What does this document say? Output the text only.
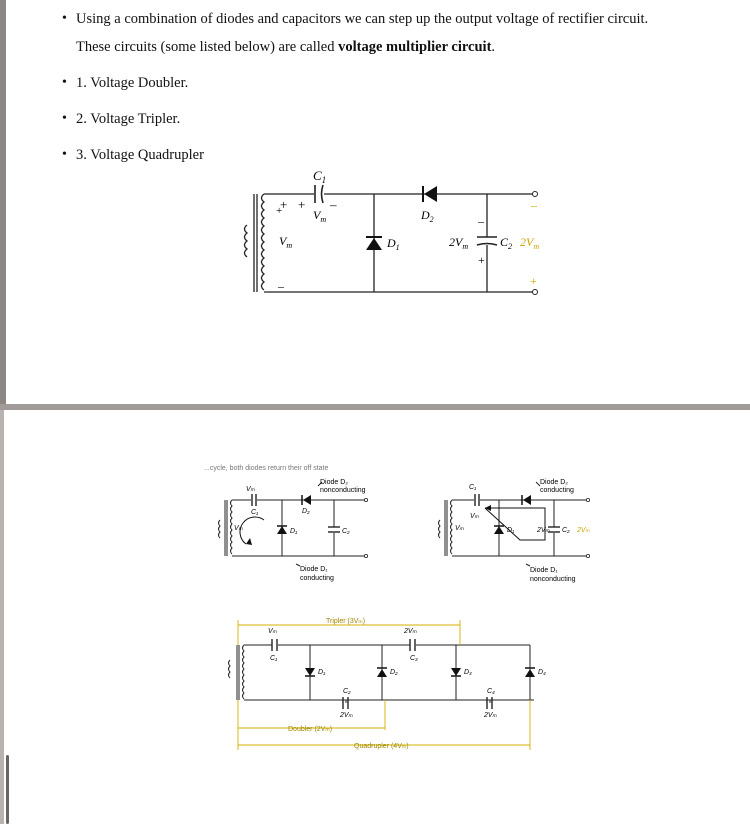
• Using a combination of diodes and capacitors we can step up the output voltage of rectifier circuit.
These circuits (some listed below) are called voltage multiplier circuit.
• 1. Voltage Doubler.
• 2. Voltage Tripler.
• 3. Voltage Quadrupler
$C_1$
+ + –
$V_m$
$V_m$
+
–
$D_1$
$D_2$
$2V_m$	$C_2$ $2V_m$
–
+
–
+
...cycle, both diodes return their off state
Diode D₂
nonconducting
Diode D₁
conducting
Vₘ
C₁
Vₘ	D₁
D₂
C₂
Diode D₂
conducting
Diode D₁
nonconducting
C₁
Vₘ
Vₘ	D₁	2Vₘ C₂ 2Vₘ
Tripler (3Vₘ)
Doubler (2Vₘ)
Quadrupler (4Vₘ)
Vₘ
C₁
2Vₘ
C₃
C₂
2Vₘ
C₄
2Vₘ
D₁	D₂	D₃	D₄
